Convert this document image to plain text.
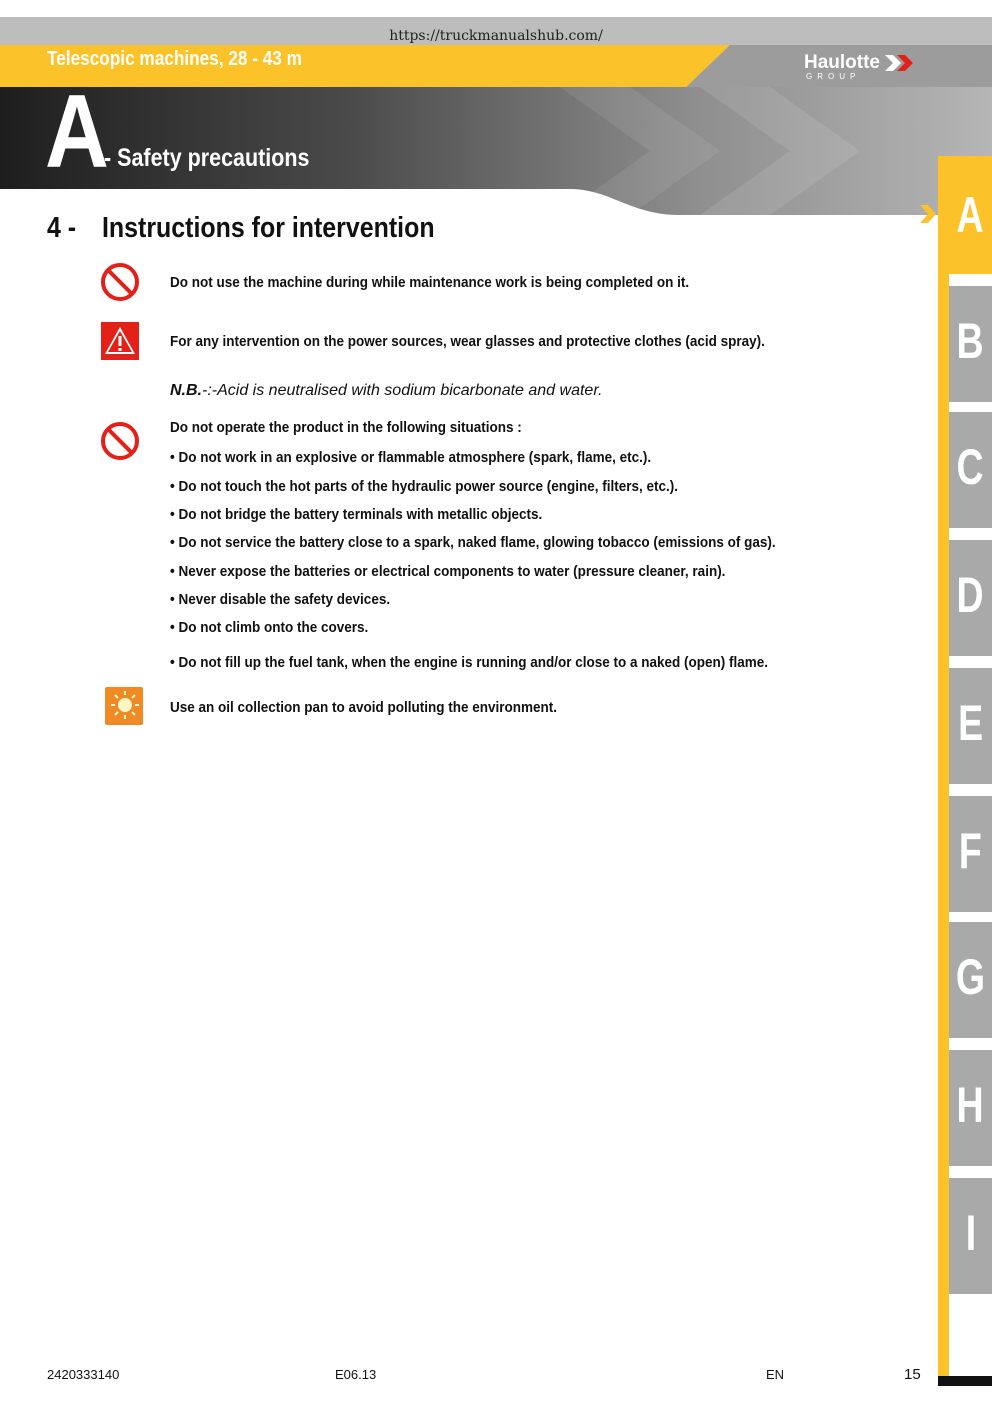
https://truckmanualshub.com/
Telescopic machines, 28 - 43 m	Haulotte
GROUP
A
- Safety precautions
4 - Instructions for intervention
Do not use the machine during while maintenance work is being completed on it.
For any intervention on the power sources, wear glasses and protective clothes (acid spray).
N.B.-:-Acid is neutralised with sodium bicarbonate and water.
Do not operate the product in the following situations :
• Do not work in an explosive or flammable atmosphere (spark, flame, etc.).
• Do not touch the hot parts of the hydraulic power source (engine, filters, etc.).
• Do not bridge the battery terminals with metallic objects.
• Do not service the battery close to a spark, naked flame, glowing tobacco (emissions of gas).
• Never expose the batteries or electrical components to water (pressure cleaner, rain).
• Never disable the safety devices.
• Do not climb onto the covers.
• Do not fill up the fuel tank, when the engine is running and/or close to a naked (open) flame.
Use an oil collection pan to avoid polluting the environment.
A
B
C
D
E
F
G
H
I
2420333140	E06.13	EN	15
